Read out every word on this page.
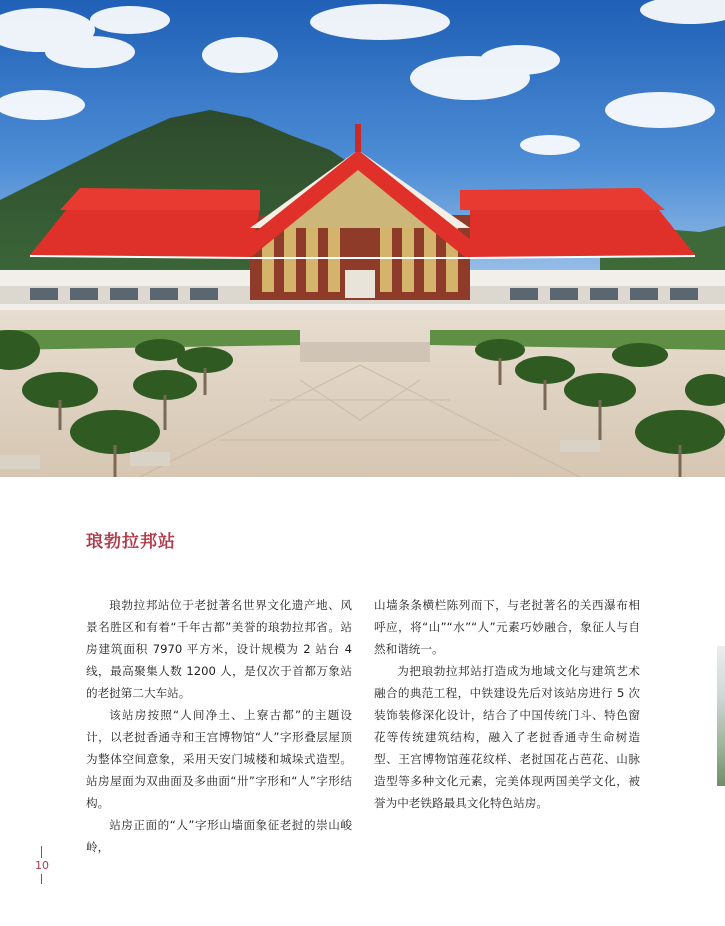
琅勃拉邦站

琅勃拉邦站位于老挝著名世界文化遗产地、风景名胜区和有着“千年古都”美誉的琅勃拉邦省。站房建筑面积 7970 平方米，设计规模为 2 站台 4 线，最高聚集人数 1200 人，是仅次于首都万象站的老挝第二大车站。

该站房按照“人间净土、上寮古都”的主题设计，以老挝香通寺和王宫博物馆“人”字形叠层屋顶为整体空间意象，采用天安门城楼和城垛式造型。站房屋面为双曲面及多曲面“卅”字形和“人”字形结构。

站房正面的“人”字形山墙面象征老挝的崇山峻岭，

山墙条条横栏陈列而下，与老挝著名的关西瀑布相呼应，将“山”“水”“人”元素巧妙融合，象征人与自然和谐统一。

为把琅勃拉邦站打造成为地域文化与建筑艺术融合的典范工程，中铁建设先后对该站房进行 5 次装饰装修深化设计，结合了中国传统门斗、特色窗花等传统建筑结构，融入了老挝香通寺生命树造型、王宫博物馆莲花纹样、老挝国花占芭花、山脉造型等多种文化元素，完美体现两国美学文化，被誉为中老铁路最具文化特色站房。

10
